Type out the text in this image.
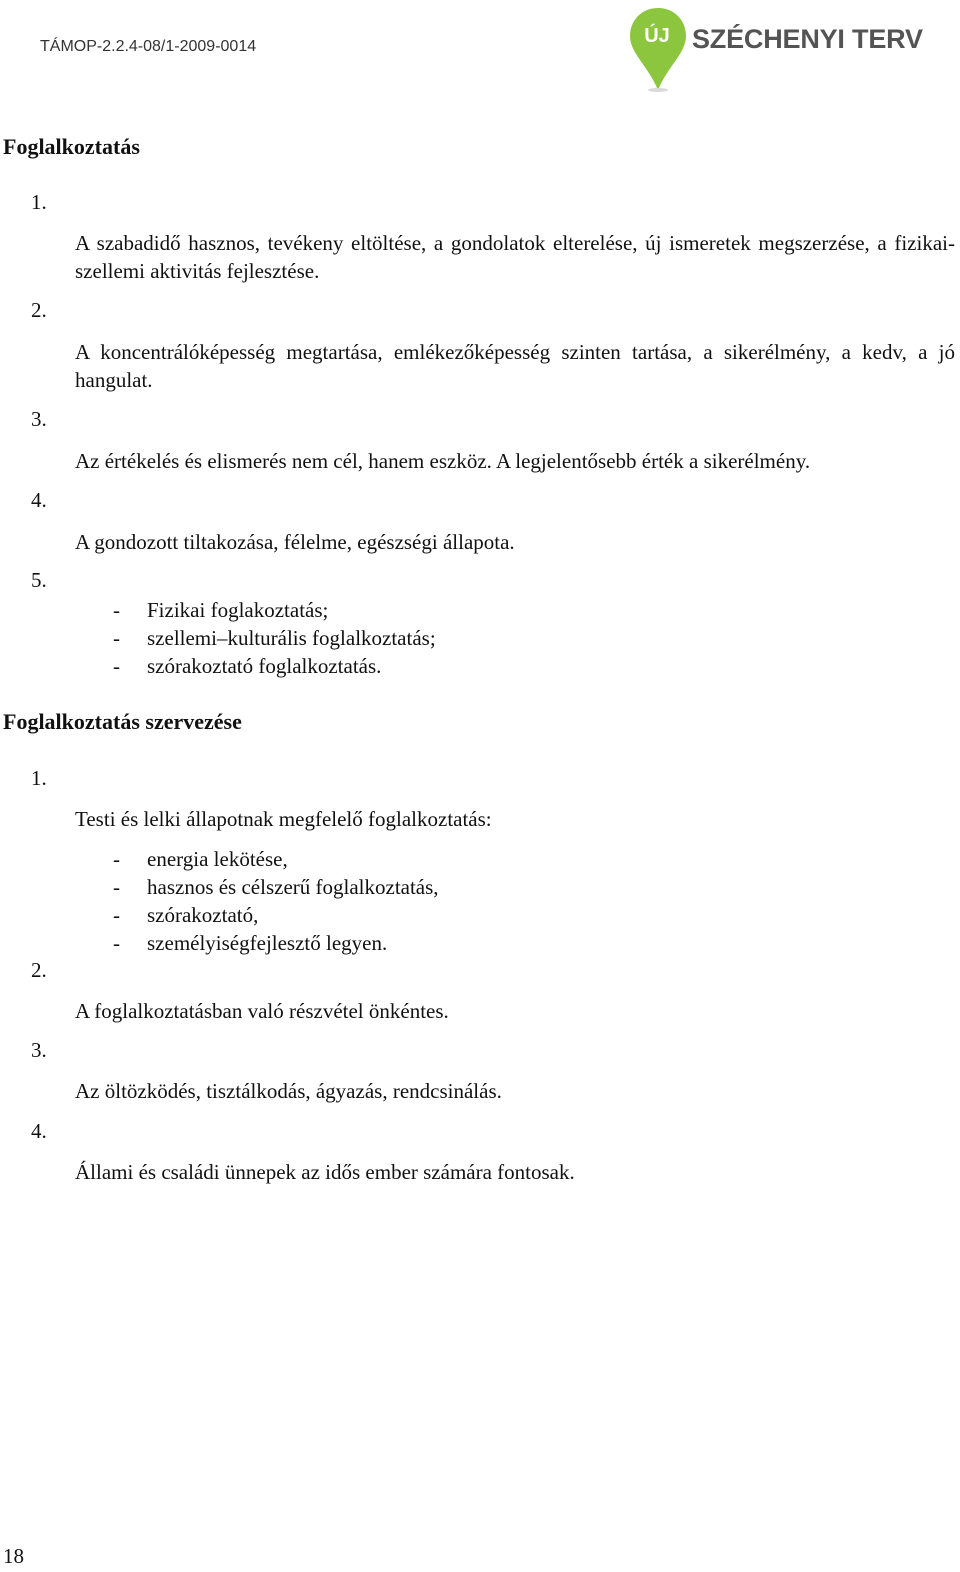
TÁMOP-2.2.4-08/1-2009-0014	ÚJ SZÉCHENYI TERV
Foglalkoztatás
1.
A szabadidő hasznos, tevékeny eltöltése, a gondolatok elterelése, új ismeretek megszerzése, a fizikai-szellemi aktivitás fejlesztése.
2.
A koncentrálóképesség megtartása, emlékezőképesség szinten tartása, a sikerélmény, a kedv, a jó hangulat.
3.
Az értékelés és elismerés nem cél, hanem eszköz. A legjelentősebb érték a sikerélmény.
4.
A gondozott tiltakozása, félelme, egészségi állapota.
5.
- Fizikai foglakoztatás;
- szellemi–kulturális foglalkoztatás;
- szórakoztató foglalkoztatás.
Foglalkoztatás szervezése
1.
Testi és lelki állapotnak megfelelő foglalkoztatás:
- energia lekötése,
- hasznos és célszerű foglalkoztatás,
- szórakoztató,
- személyiségfejlesztő legyen.
2.
A foglalkoztatásban való részvétel önkéntes.
3.
Az öltözködés, tisztálkodás, ágyazás, rendcsinálás.
4.
Állami és családi ünnepek az idős ember számára fontosak.
18
